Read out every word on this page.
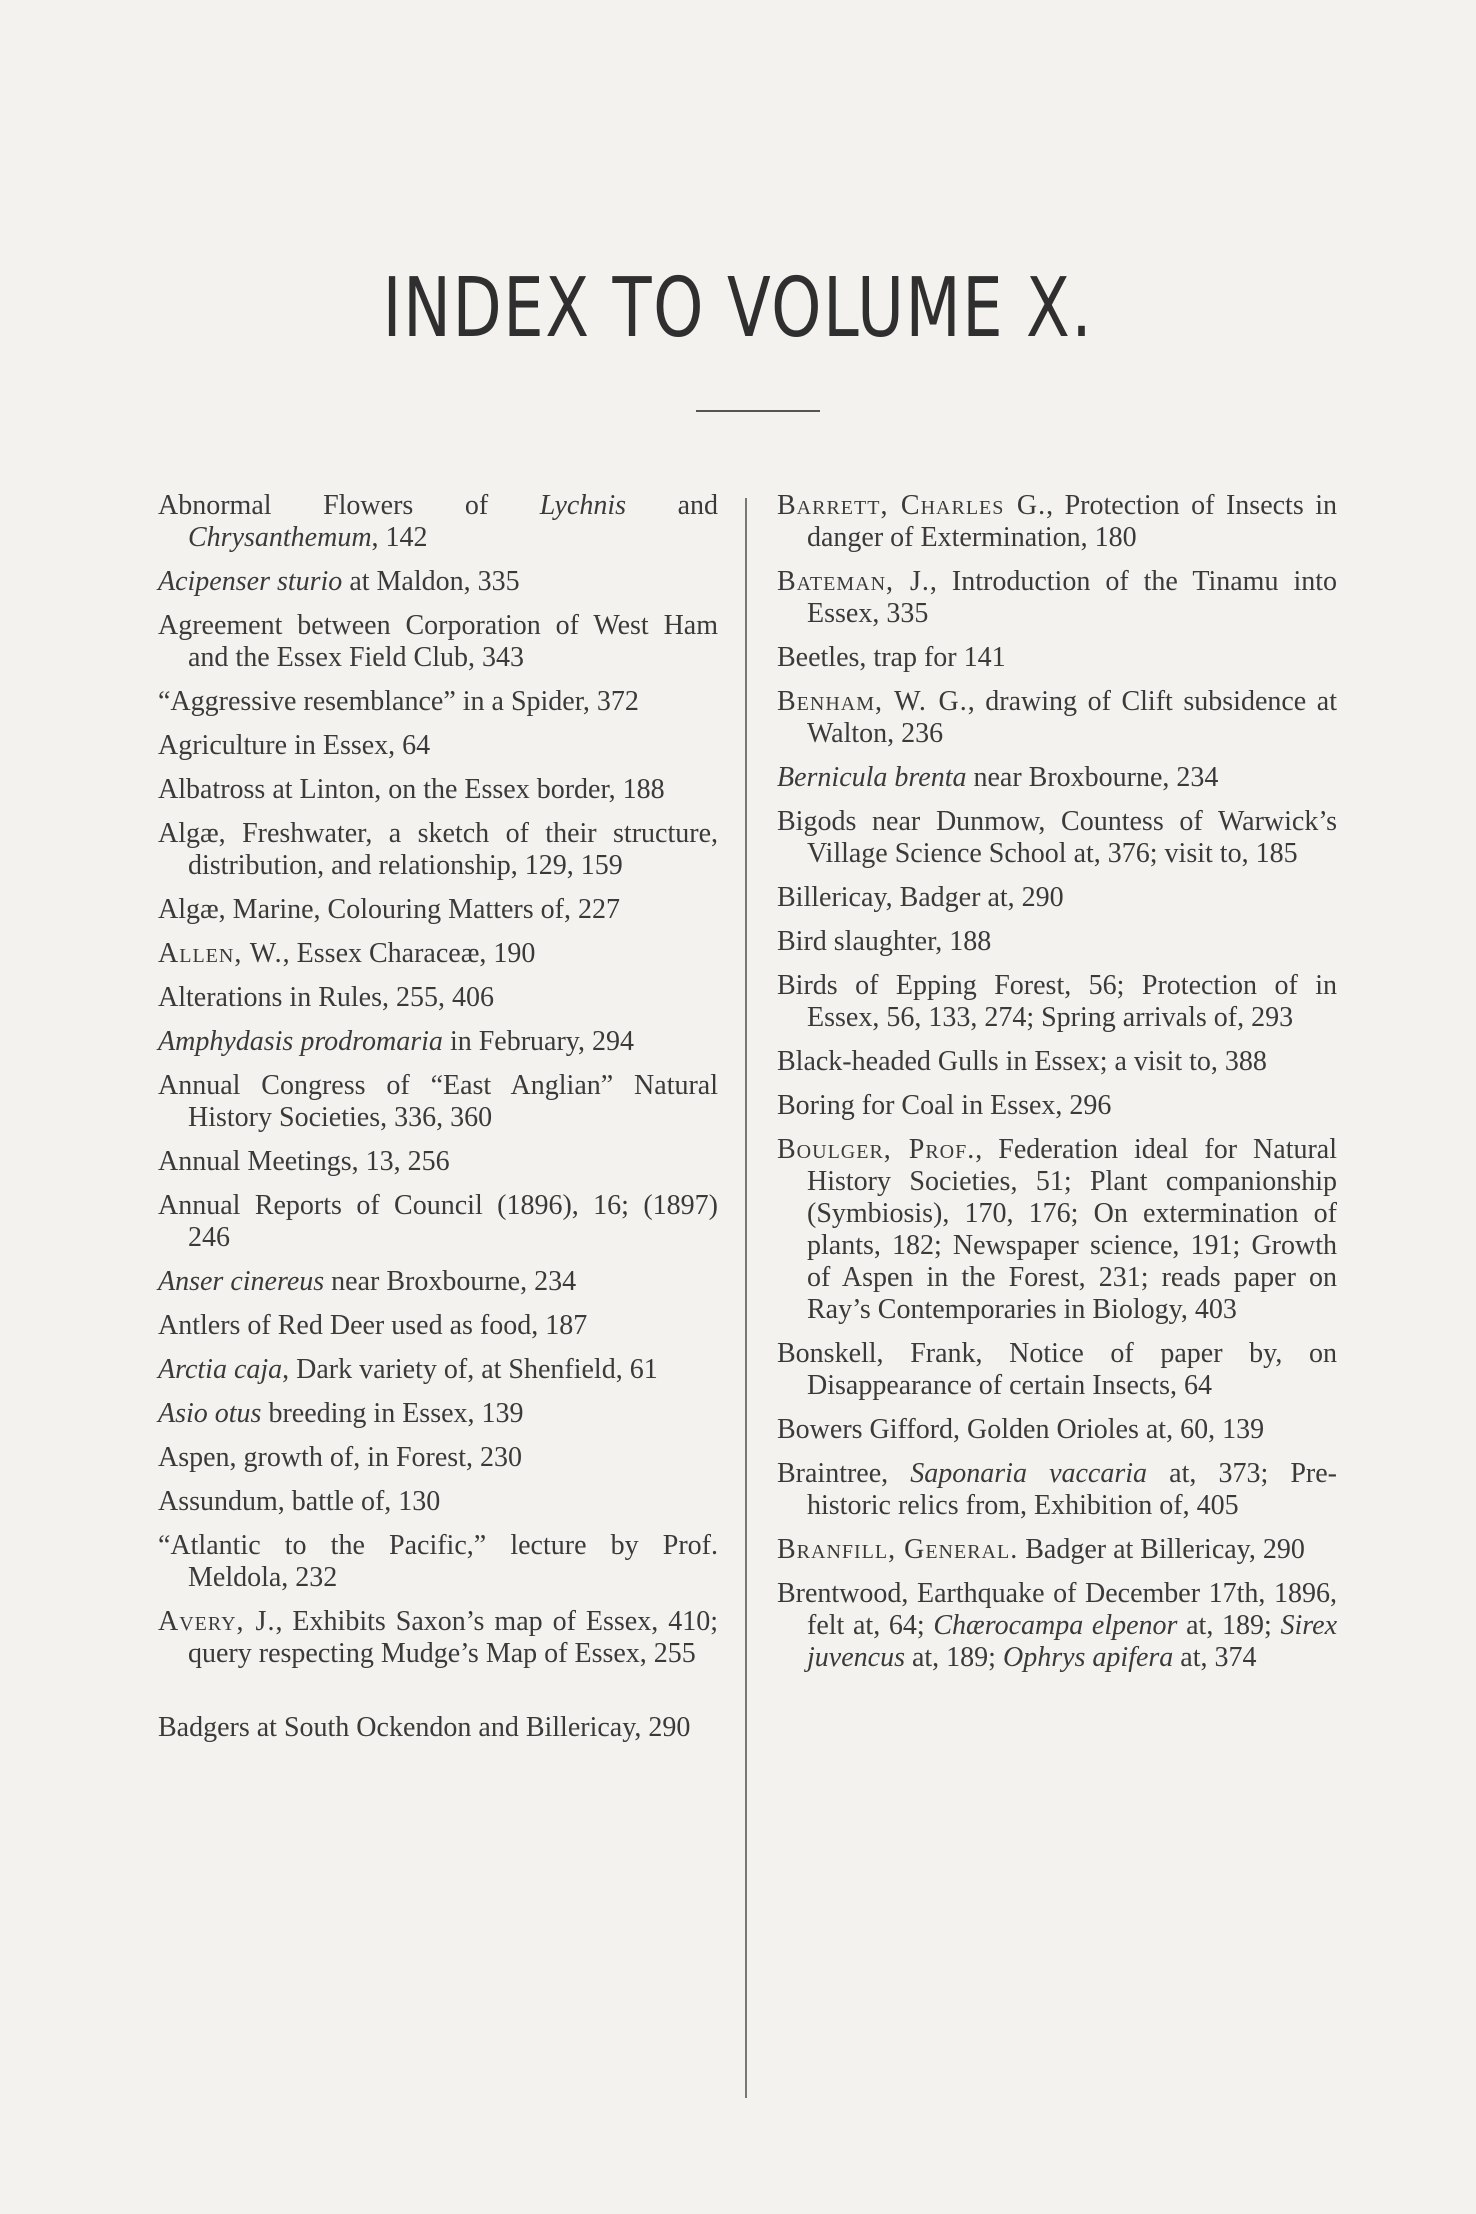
INDEX TO VOLUME X.

Abnormal Flowers of Lychnis and Chrysanthemum, 142

Acipenser sturio at Maldon, 335

Agreement between Corporation of West Ham and the Essex Field Club, 343

“Aggressive resemblance” in a Spider, 372

Agriculture in Essex, 64

Albatross at Linton, on the Essex border, 188

Algæ, Freshwater, a sketch of their structure, distribution, and relationship, 129, 159

Algæ, Marine, Colouring Matters of, 227

Allen, W., Essex Characeæ, 190

Alterations in Rules, 255, 406

Amphydasis prodromaria in February, 294

Annual Congress of “East Anglian” Natural History Societies, 336, 360

Annual Meetings, 13, 256

Annual Reports of Council (1896), 16; (1897) 246

Anser cinereus near Broxbourne, 234

Antlers of Red Deer used as food, 187

Arctia caja, Dark variety of, at Shenfield, 61

Asio otus breeding in Essex, 139

Aspen, growth of, in Forest, 230

Assundum, battle of, 130

“Atlantic to the Pacific,” lecture by Prof. Meldola, 232

Avery, J., Exhibits Saxon’s map of Essex, 410; query respecting Mudge’s Map of Essex, 255

Badgers at South Ockendon and Billericay, 290

Barrett, Charles G., Protection of Insects in danger of Extermination, 180

Bateman, J., Introduction of the Tinamu into Essex, 335

Beetles, trap for 141

Benham, W. G., drawing of Clift subsidence at Walton, 236

Bernicula brenta near Broxbourne, 234

Bigods near Dunmow, Countess of Warwick’s Village Science School at, 376; visit to, 185

Billericay, Badger at, 290

Bird slaughter, 188

Birds of Epping Forest, 56; Protection of in Essex, 56, 133, 274; Spring arrivals of, 293

Black-headed Gulls in Essex; a visit to, 388

Boring for Coal in Essex, 296

Boulger, Prof., Federation ideal for Natural History Societies, 51; Plant companionship (Symbiosis), 170, 176; On extermination of plants, 182; Newspaper science, 191; Growth of Aspen in the Forest, 231; reads paper on Ray’s Contemporaries in Biology, 403

Bonskell, Frank, Notice of paper by, on Disappearance of certain Insects, 64

Bowers Gifford, Golden Orioles at, 60, 139

Braintree, Saponaria vaccaria at, 373; Pre-historic relics from, Exhibition of, 405

Branfill, General. Badger at Billericay, 290

Brentwood, Earthquake of December 17th, 1896, felt at, 64; Chærocampa elpenor at, 189; Sirex juvencus at, 189; Ophrys apifera at, 374
